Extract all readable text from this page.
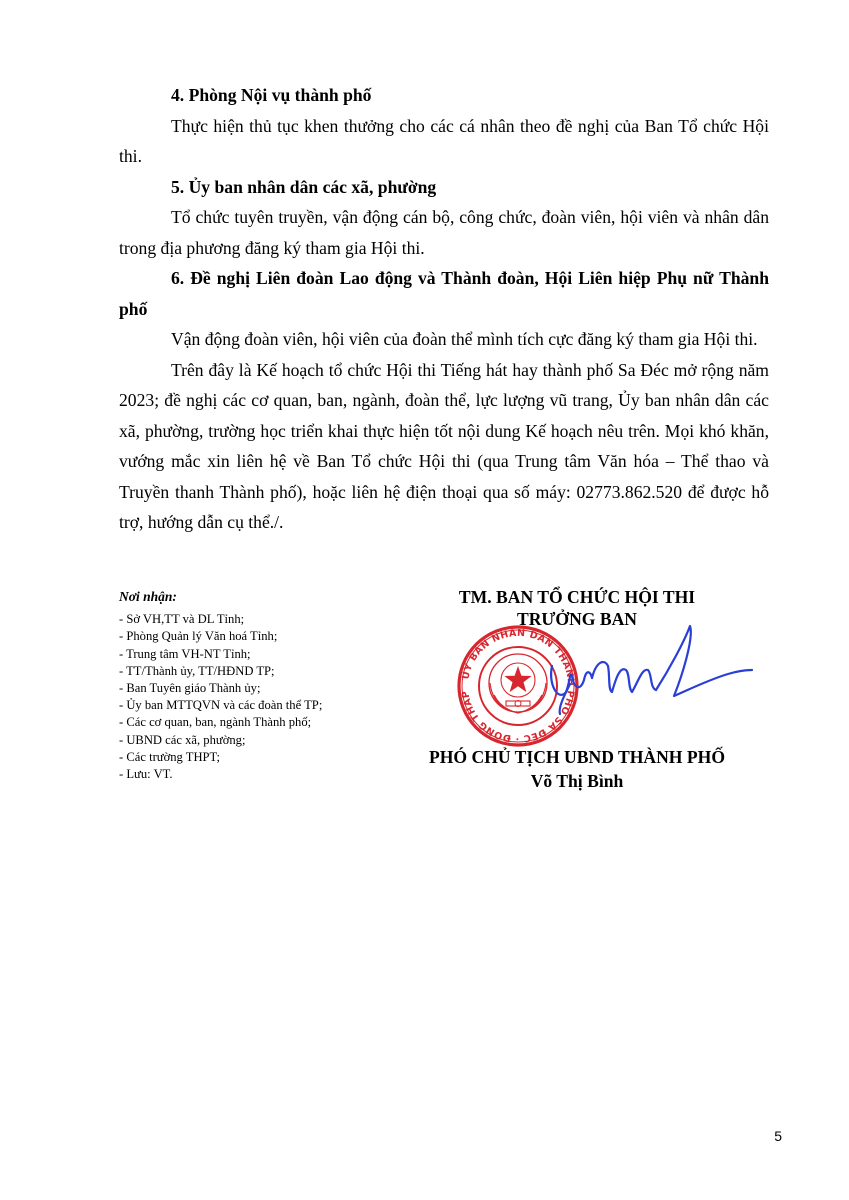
4. Phòng Nội vụ thành phố

Thực hiện thủ tục khen thưởng cho các cá nhân theo đề nghị của Ban Tổ chức Hội thi.

5. Ủy ban nhân dân các xã, phường

Tổ chức tuyên truyền, vận động cán bộ, công chức, đoàn viên, hội viên và nhân dân trong địa phương đăng ký tham gia Hội thi.

6. Đề nghị Liên đoàn Lao động và Thành đoàn, Hội Liên hiệp Phụ nữ Thành phố

Vận động đoàn viên, hội viên của đoàn thể mình tích cực đăng ký tham gia Hội thi.

Trên đây là Kế hoạch tổ chức Hội thi Tiếng hát hay thành phố Sa Đéc mở rộng năm 2023; đề nghị các cơ quan, ban, ngành, đoàn thể, lực lượng vũ trang, Ủy ban nhân dân các xã, phường, trường học triển khai thực hiện tốt nội dung Kế hoạch nêu trên. Mọi khó khăn, vướng mắc xin liên hệ về Ban Tổ chức Hội thi (qua Trung tâm Văn hóa – Thể thao và Truyền thanh Thành phố), hoặc liên hệ điện thoại qua số máy: 02773.862.520 để được hỗ trợ, hướng dẫn cụ thể./.

Nơi nhận:
- Sở VH,TT và DL Tỉnh;
- Phòng Quản lý Văn hoá Tỉnh;
- Trung tâm VH-NT Tỉnh;
- TT/Thành ủy, TT/HĐND TP;
- Ban Tuyên giáo Thành ủy;
- Ủy ban MTTQVN và các đoàn thể TP;
- Các cơ quan, ban, ngành Thành phố;
- UBND các xã, phường;
- Các trường THPT;
- Lưu: VT.
ỦY BAN NHÂN DÂN THÀNH PHỐ SA ĐÉC · ĐỒNG THÁP
TM. BAN TỔ CHỨC HỘI THI
TRƯỞNG BAN
PHÓ CHỦ TỊCH UBND THÀNH PHỐ
Võ Thị Bình
5
